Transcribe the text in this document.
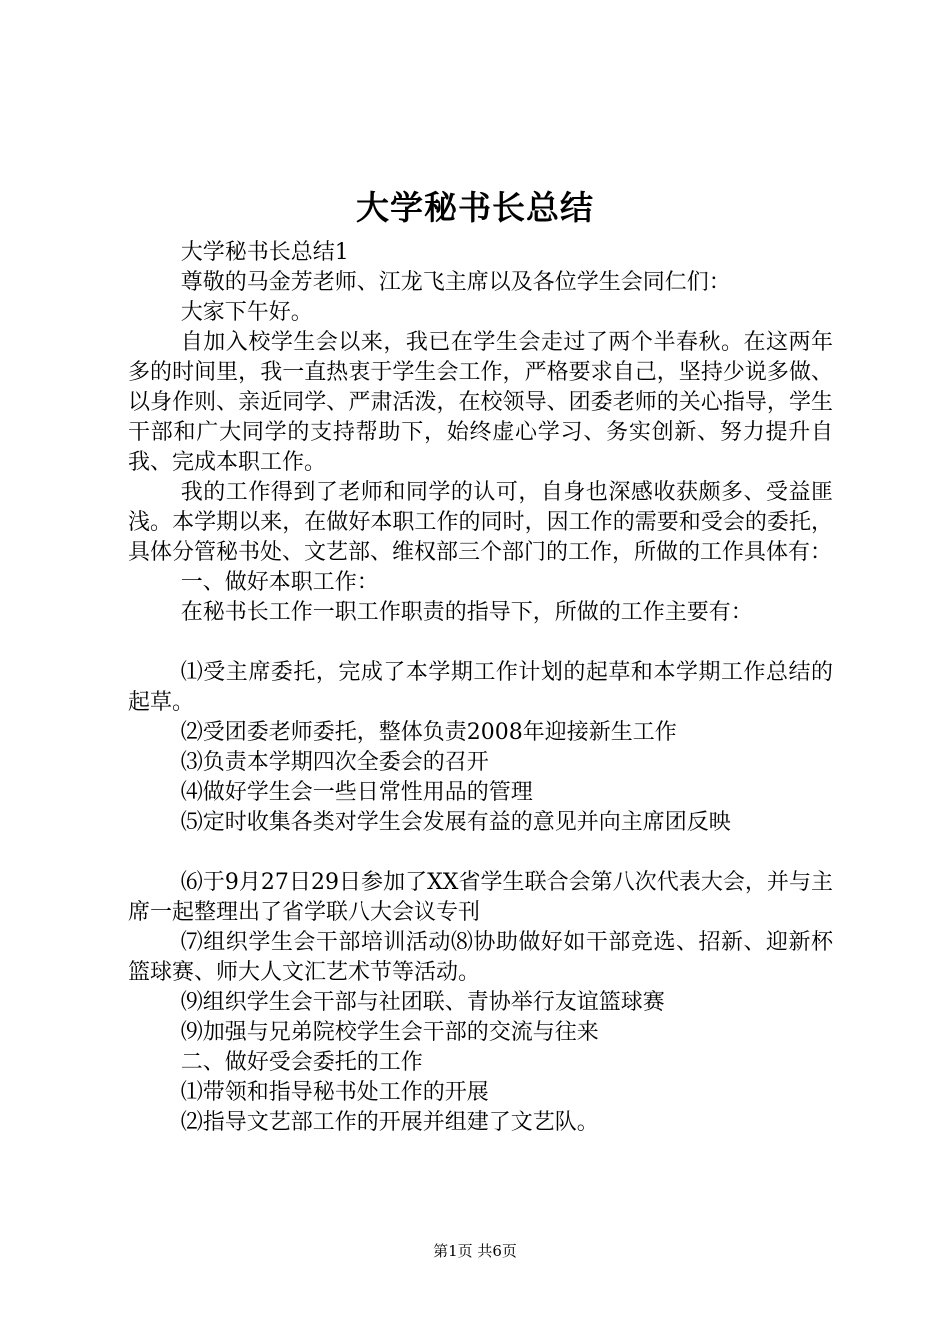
大学秘书长总结

大学秘书长总结1

尊敬的马金芳老师、江龙飞主席以及各位学生会同仁们：

大家下午好。

自加入校学生会以来，我已在学生会走过了两个半春秋。在这两年多的时间里，我一直热衷于学生会工作，严格要求自己，坚持少说多做、以身作则、亲近同学、严肃活泼，在校领导、团委老师的关心指导，学生干部和广大同学的支持帮助下，始终虚心学习、务实创新、努力提升自我、完成本职工作。

我的工作得到了老师和同学的认可，自身也深感收获颇多、受益匪浅。本学期以来，在做好本职工作的同时，因工作的需要和受会的委托，具体分管秘书处、文艺部、维权部三个部门的工作，所做的工作具体有：

一、做好本职工作：

在秘书长工作一职工作职责的指导下，所做的工作主要有：

⑴受主席委托，完成了本学期工作计划的起草和本学期工作总结的起草。

⑵受团委老师委托，整体负责2008年迎接新生工作

⑶负责本学期四次全委会的召开

⑷做好学生会一些日常性用品的管理

⑸定时收集各类对学生会发展有益的意见并向主席团反映

⑹于9月27日29日参加了XX省学生联合会第八次代表大会，并与主席一起整理出了省学联八大会议专刊

⑺组织学生会干部培训活动⑻协助做好如干部竞选、招新、迎新杯篮球赛、师大人文汇艺术节等活动。

⑼组织学生会干部与社团联、青协举行友谊篮球赛

⑼加强与兄弟院校学生会干部的交流与往来

二、做好受会委托的工作

⑴带领和指导秘书处工作的开展

⑵指导文艺部工作的开展并组建了文艺队。

第1页 共6页
